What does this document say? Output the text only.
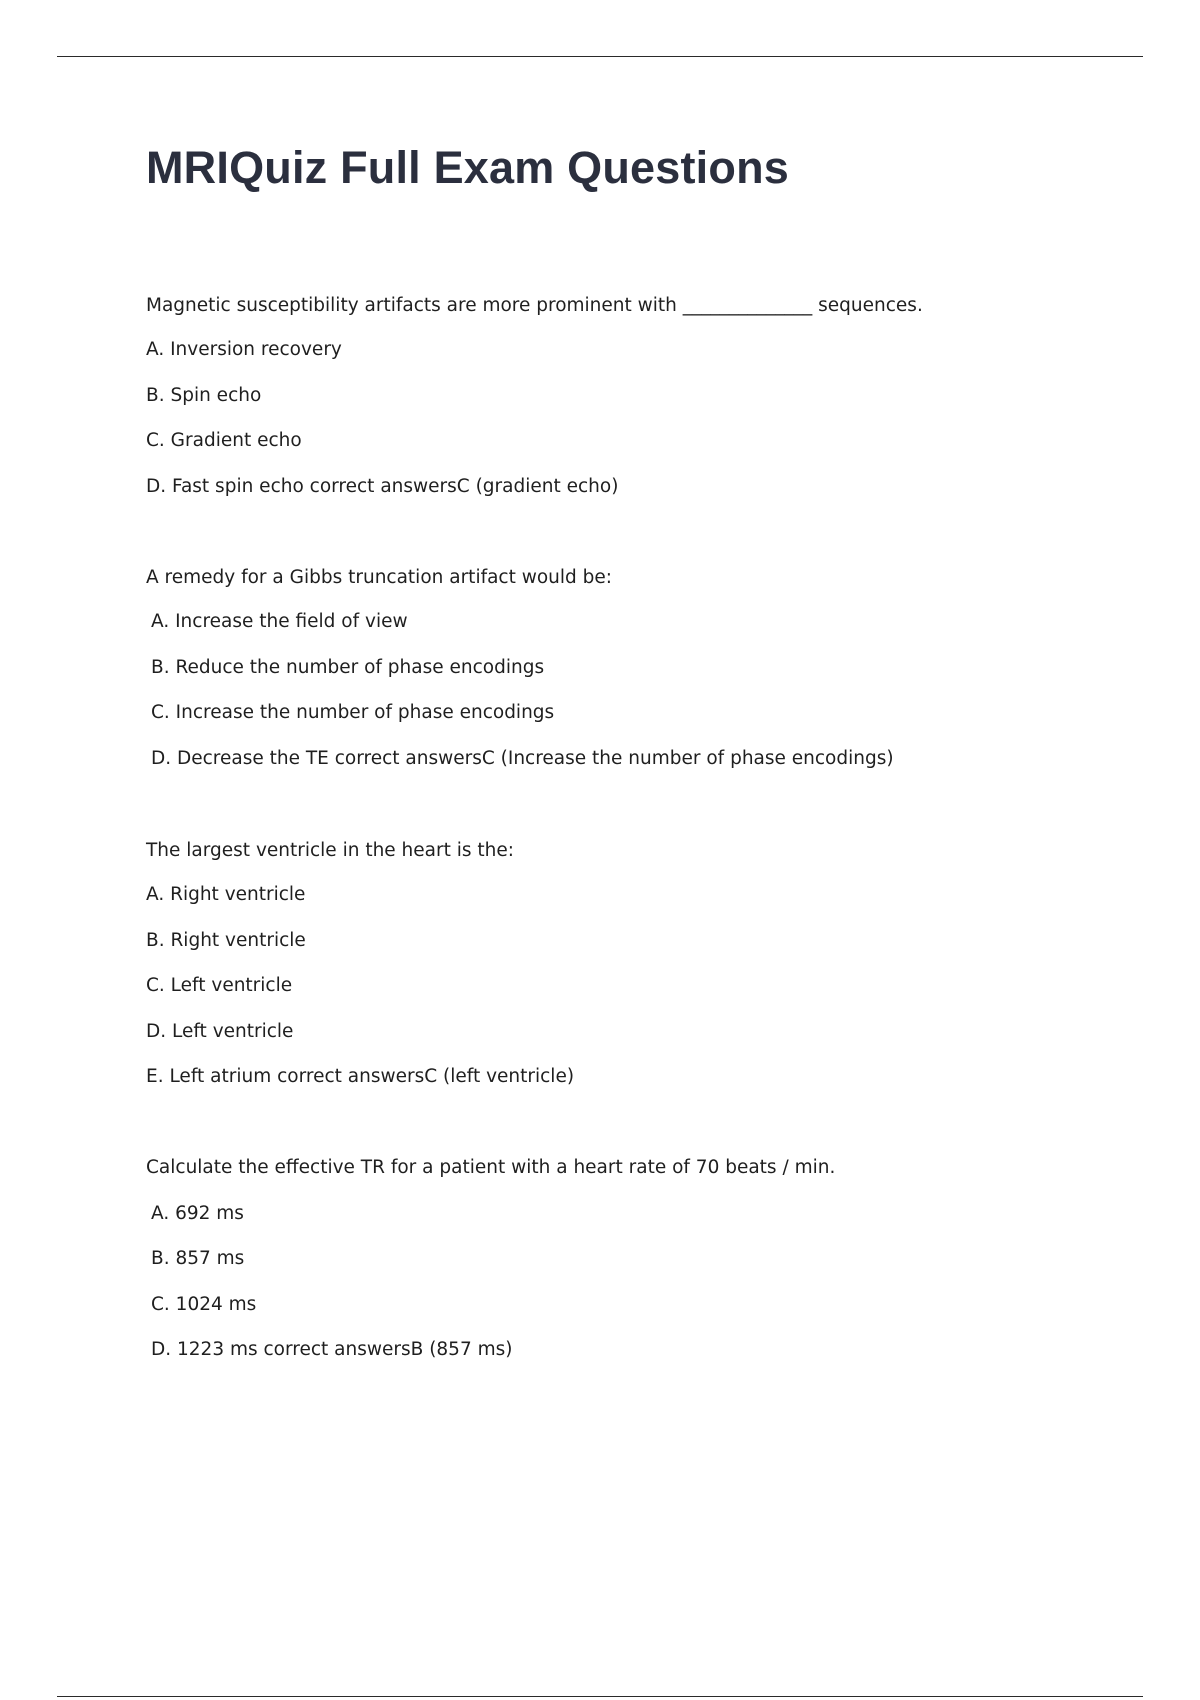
MRIQuiz Full Exam Questions
Magnetic susceptibility artifacts are more prominent with ______________ sequences.
A. Inversion recovery
B. Spin echo
C. Gradient echo
D. Fast spin echo correct answersC (gradient echo)
A remedy for a Gibbs truncation artifact would be:
A. Increase the field of view
B. Reduce the number of phase encodings
C. Increase the number of phase encodings
D. Decrease the TE correct answersC (Increase the number of phase encodings)
The largest ventricle in the heart is the:
A. Right ventricle
B. Right ventricle
C. Left ventricle
D. Left ventricle
E. Left atrium correct answersC (left ventricle)
Calculate the effective TR for a patient with a heart rate of 70 beats / min.
A. 692 ms
B. 857 ms
C. 1024 ms
D. 1223 ms correct answersB (857 ms)
